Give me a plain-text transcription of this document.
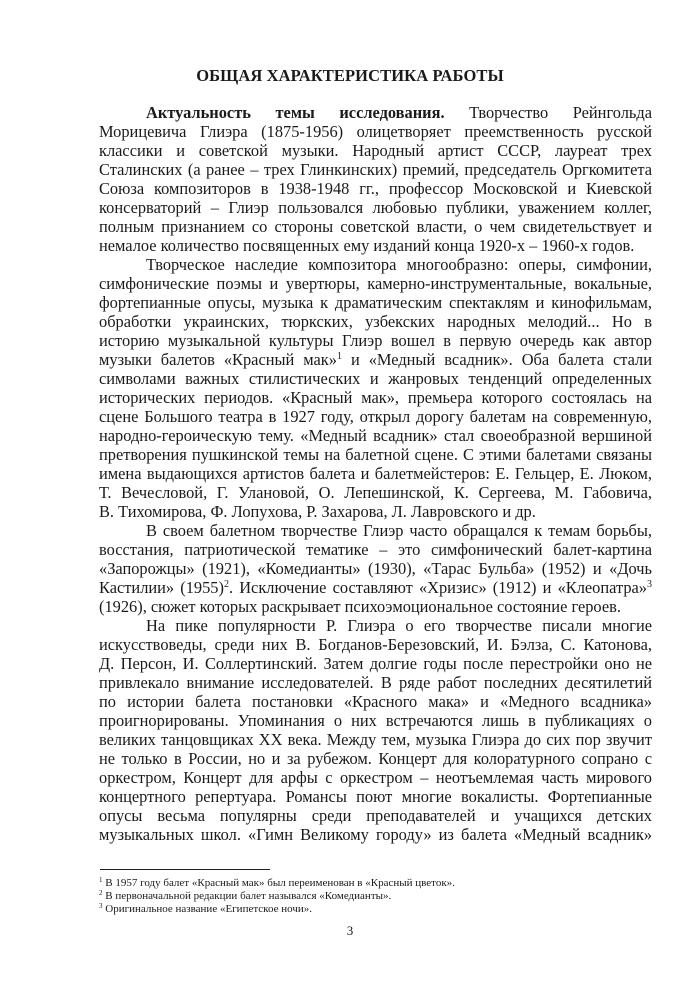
ОБЩАЯ ХАРАКТЕРИСТИКА РАБОТЫ
Актуальность темы исследования. Творчество Рейнгольда
Морицевича Глиэра (1875-1956) олицетворяет преемственность русской
классики и советской музыки. Народный артист СССР, лауреат трех
Сталинских (а ранее – трех Глинкинских) премий, председатель Оргкомитета
Союза композиторов в 1938-1948 гг., профессор Московской и Киевской
консерваторий – Глиэр пользовался любовью публики, уважением коллег,
полным признанием со стороны советской власти, о чем свидетельствует и
немалое количество посвященных ему изданий конца 1920-х – 1960-х годов.
Творческое наследие композитора многообразно: оперы, симфонии,
симфонические поэмы и увертюры, камерно-инструментальные, вокальные,
фортепианные опусы, музыка к драматическим спектаклям и кинофильмам,
обработки украинских, тюркских, узбекских народных мелодий... Но в
историю музыкальной культуры Глиэр вошел в первую очередь как автор
музыки балетов «Красный мак»$^1$ и «Медный всадник». Оба балета стали
символами важных стилистических и жанровых тенденций определенных
исторических периодов. «Красный мак», премьера которого состоялась на
сцене Большого театра в 1927 году, открыл дорогу балетам на современную,
народно-героическую тему. «Медный всадник» стал своеобразной вершиной
претворения пушкинской темы на балетной сцене. С этими балетами связаны
имена выдающихся артистов балета и балетмейстеров: Е. Гельцер, Е. Люком,
Т. Вечесловой, Г. Улановой, О. Лепешинской, К. Сергеева, М. Габовича,
В. Тихомирова, Ф. Лопухова, Р. Захарова, Л. Лавровского и др.
В своем балетном творчестве Глиэр часто обращался к темам борьбы,
восстания, патриотической тематике – это симфонический балет-картина
«Запорожцы» (1921), «Комедианты» (1930), «Тарас Бульба» (1952) и «Дочь
Кастилии» $(1955)^2$. Исключение составляют «Хризис» (1912) и «Клеопатра»$^3$
(1926), сюжет которых раскрывает психоэмоциональное состояние героев.
На пике популярности Р. Глиэра о его творчестве писали многие
искусствоведы, среди них В. Богданов-Березовский, И. Бэлза, С. Катонова,
Д. Персон, И. Соллертинский. Затем долгие годы после перестройки оно не
привлекало внимание исследователей. В ряде работ последних десятилетий
по истории балета постановки «Красного мака» и «Медного всадника»
проигнорированы. Упоминания о них встречаются лишь в публикациях о
великих танцовщиках XX века. Между тем, музыка Глиэра до сих пор звучит
не только в России, но и за рубежом. Концерт для колоратурного сопрано с
оркестром, Концерт для арфы с оркестром – неотъемлемая часть мирового
концертного репертуара. Романсы поют многие вокалисты. Фортепианные
опусы весьма популярны среди преподавателей и учащихся детских
музыкальных школ. «Гимн Великому городу» из балета «Медный всадник»
$^1$ В 1957 году балет «Красный мак» был переименован в «Красный цветок».
$^2$ В первоначальной редакции балет назывался «Комедианты».
$^3$ Оригинальное название «Египетское ночи».
3
